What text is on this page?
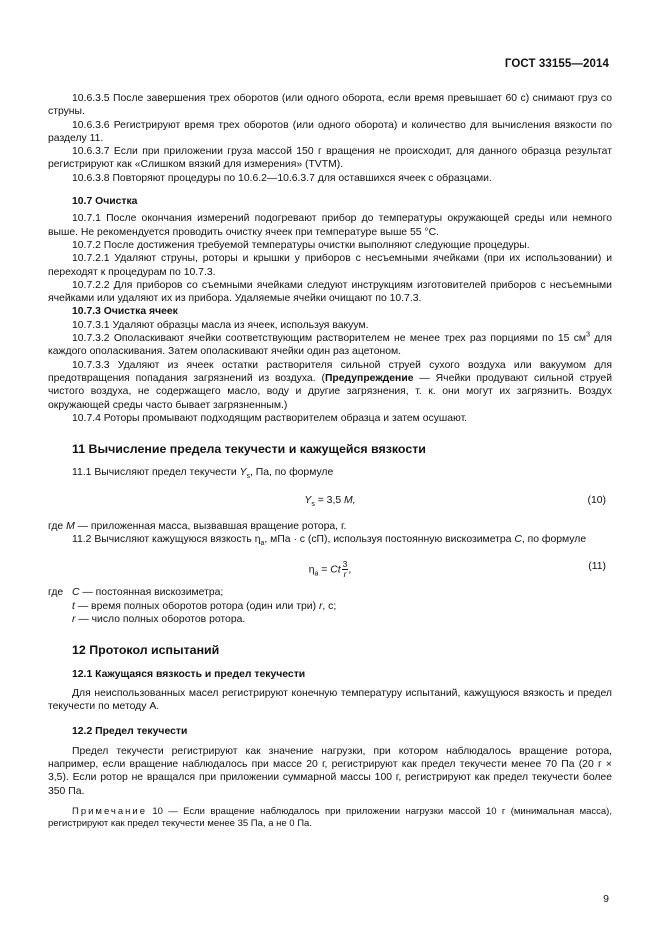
ГОСТ 33155—2014

10.6.3.5 После завершения трех оборотов (или одного оборота, если время превышает 60 с) снимают груз со струны.

10.6.3.6 Регистрируют время трех оборотов (или одного оборота) и количество для вычисления вязкости по разделу 11.

10.6.3.7 Если при приложении груза массой 150 г вращения не происходит, для данного образца результат регистрируют как «Слишком вязкий для измерения» (TVTM).

10.6.3.8 Повторяют процедуры по 10.6.2—10.6.3.7 для оставшихся ячеек с образцами.

10.7 Очистка

10.7.1 После окончания измерений подогревают прибор до температуры окружающей среды или немного выше. Не рекомендуется проводить очистку ячеек при температуре выше 55 °С.

10.7.2 После достижения требуемой температуры очистки выполняют следующие процедуры.

10.7.2.1 Удаляют струны, роторы и крышки у приборов с несъемными ячейками (при их использовании) и переходят к процедурам по 10.7.3.

10.7.2.2 Для приборов со съемными ячейками следуют инструкциям изготовителей приборов с несъемными ячейками или удаляют их из прибора. Удаляемые ячейки очищают по 10.7.3.

10.7.3 Очистка ячеек

10.7.3.1 Удаляют образцы масла из ячеек, используя вакуум.

10.7.3.2 Ополаскивают ячейки соответствующим растворителем не менее трех раз порциями по 15 $см^3$ для каждого ополаскивания. Затем ополаскивают ячейки один раз ацетоном.

10.7.3.3 Удаляют из ячеек остатки растворителя сильной струей сухого воздуха или вакуумом для предотвращения попадания загрязнений из воздуха. (Предупреждение — Ячейки продувают сильной струей чистого воздуха, не содержащего масло, воду и другие загрязнения, т. к. они могут их загрязнить. Воздух окружающей среды часто бывает загрязненным.)

10.7.4 Роторы промывают подходящим растворителем образца и затем осушают.

11 Вычисление предела текучести и кажущейся вязкости

11.1 Вычисляют предел текучести $Y_s$, Па, по формуле

$Y_s = 3,5$ M,	(10)

где M — приложенная масса, вызвавшая вращение ротора, г.

11.2 Вычисляют кажущуюся вязкость $\eta_a$, мПа · с (сП), используя постоянную вискозиметра C, по формуле

$\eta_a = Ct \frac{3}{r}$ ,	(11)
где C — постоянная вискозиметра;
t — время полных оборотов ротора (один или три) r, с;
r — число полных оборотов ротора.
12 Протокол испытаний
12.1 Кажущаяся вязкость и предел текучести

Для неиспользованных масел регистрируют конечную температуру испытаний, кажущуюся вязкость и предел текучести по методу А.

12.2 Предел текучести

Предел текучести регистрируют как значение нагрузки, при котором наблюдалось вращение ротора, например, если вращение наблюдалось при массе 20 г, регистрируют как предел текучести менее 70 Па (20 г × 3,5). Если ротор не вращался при приложении суммарной массы 100 г, регистрируют как предел текучести более 350 Па.

Примечание 10 — Если вращение наблюдалось при приложении нагрузки массой 10 г (минимальная масса), регистрируют как предел текучести менее 35 Па, а не 0 Па.

9
